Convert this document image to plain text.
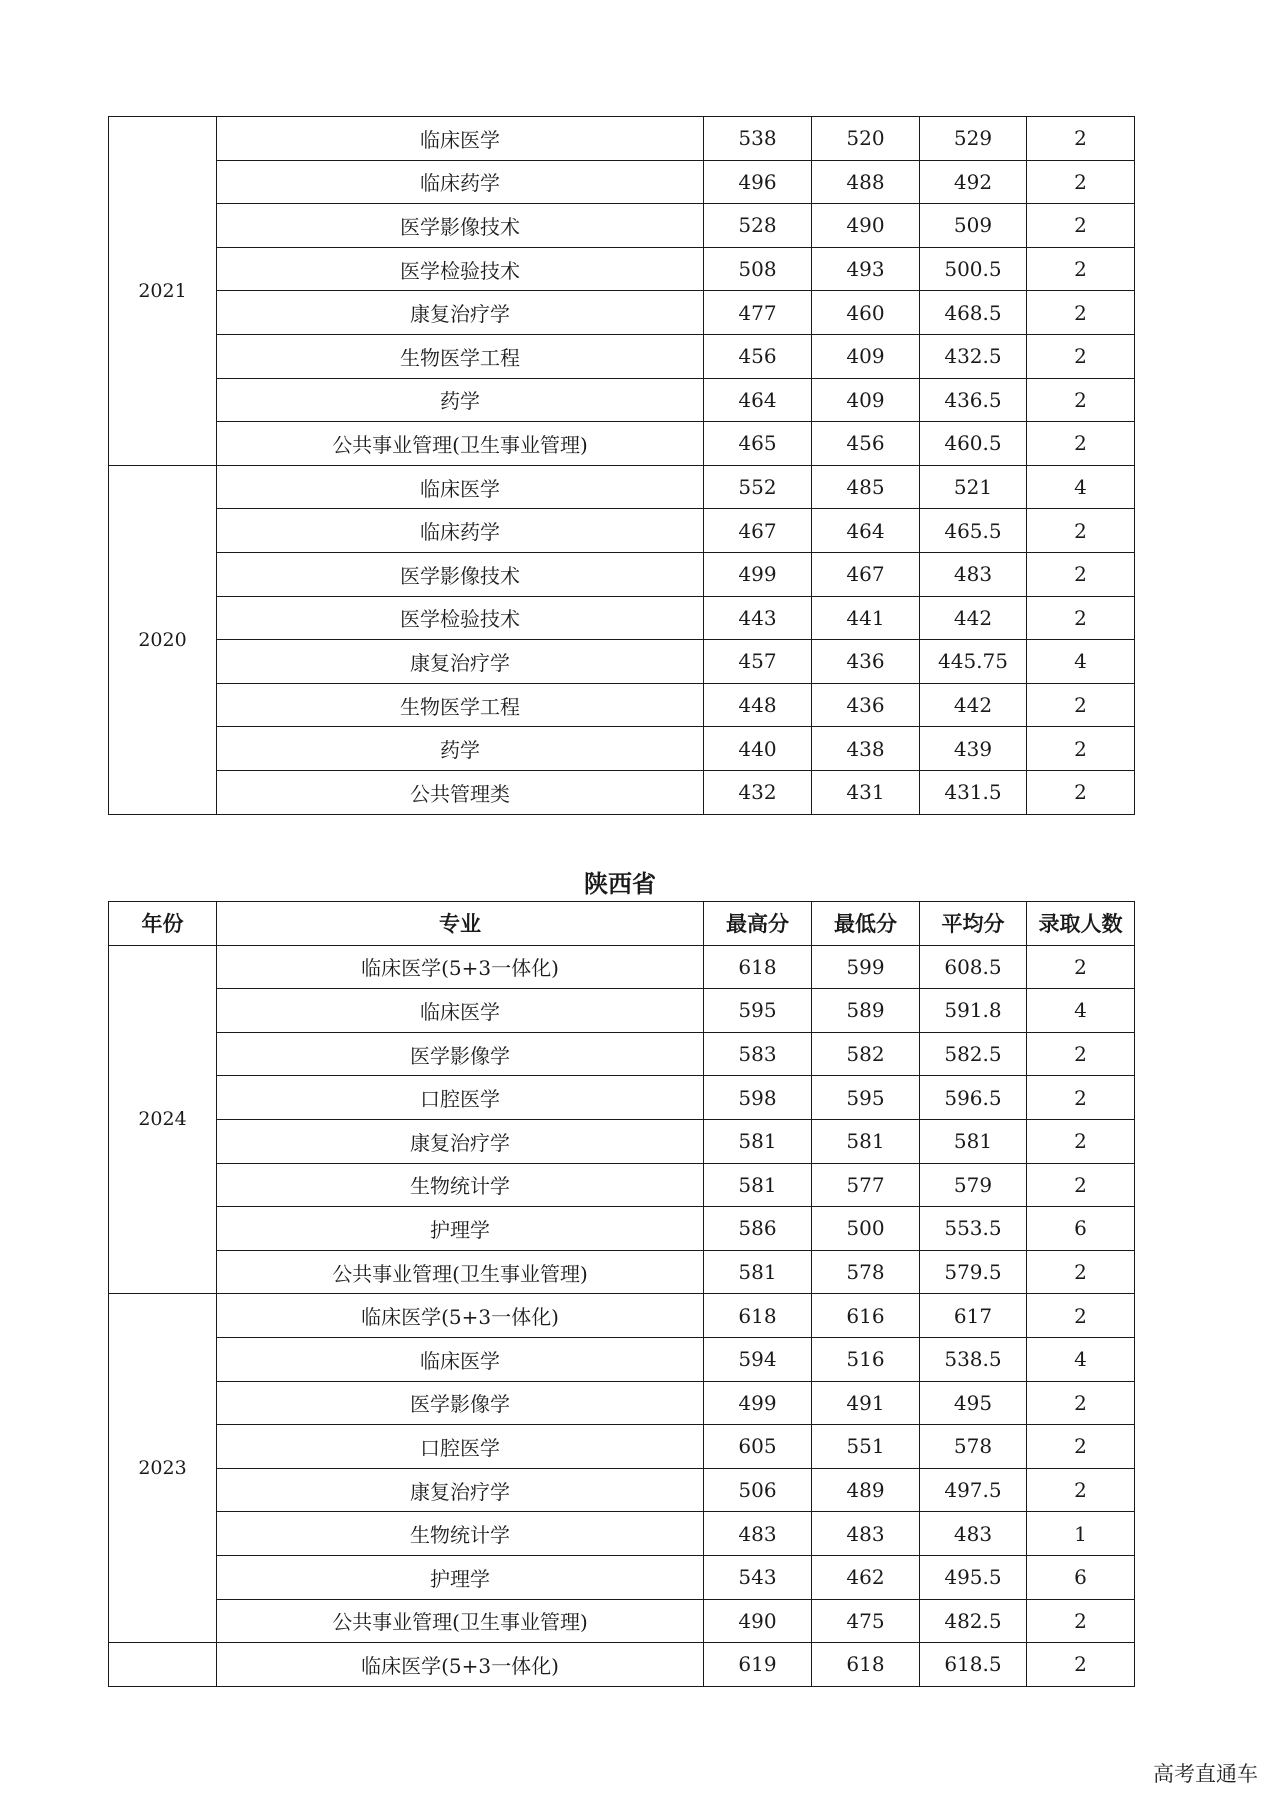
2021	临床医学	538	520	529	2
	临床药学	496	488	492	2
	医学影像技术	528	490	509	2
	医学检验技术	508	493	500.5	2
	康复治疗学	477	460	468.5	2
	生物医学工程	456	409	432.5	2
	药学	464	409	436.5	2
	公共事业管理(卫生事业管理)	465	456	460.5	2
2020	临床医学	552	485	521	4
	临床药学	467	464	465.5	2
	医学影像技术	499	467	483	2
	医学检验技术	443	441	442	2
	康复治疗学	457	436	445.75	4
	生物医学工程	448	436	442	2
	药学	440	438	439	2
	公共管理类	432	431	431.5	2
陕西省
年份	专业	最高分	最低分	平均分	录取人数
2024	临床医学(5+3一体化)	618	599	608.5	2
	临床医学	595	589	591.8	4
	医学影像学	583	582	582.5	2
	口腔医学	598	595	596.5	2
	康复治疗学	581	581	581	2
	生物统计学	581	577	579	2
	护理学	586	500	553.5	6
	公共事业管理(卫生事业管理)	581	578	579.5	2
2023	临床医学(5+3一体化)	618	616	617	2
	临床医学	594	516	538.5	4
	医学影像学	499	491	495	2
	口腔医学	605	551	578	2
	康复治疗学	506	489	497.5	2
	生物统计学	483	483	483	1
	护理学	543	462	495.5	6
	公共事业管理(卫生事业管理)	490	475	482.5	2
	临床医学(5+3一体化)	619	618	618.5	2
高考直通车
